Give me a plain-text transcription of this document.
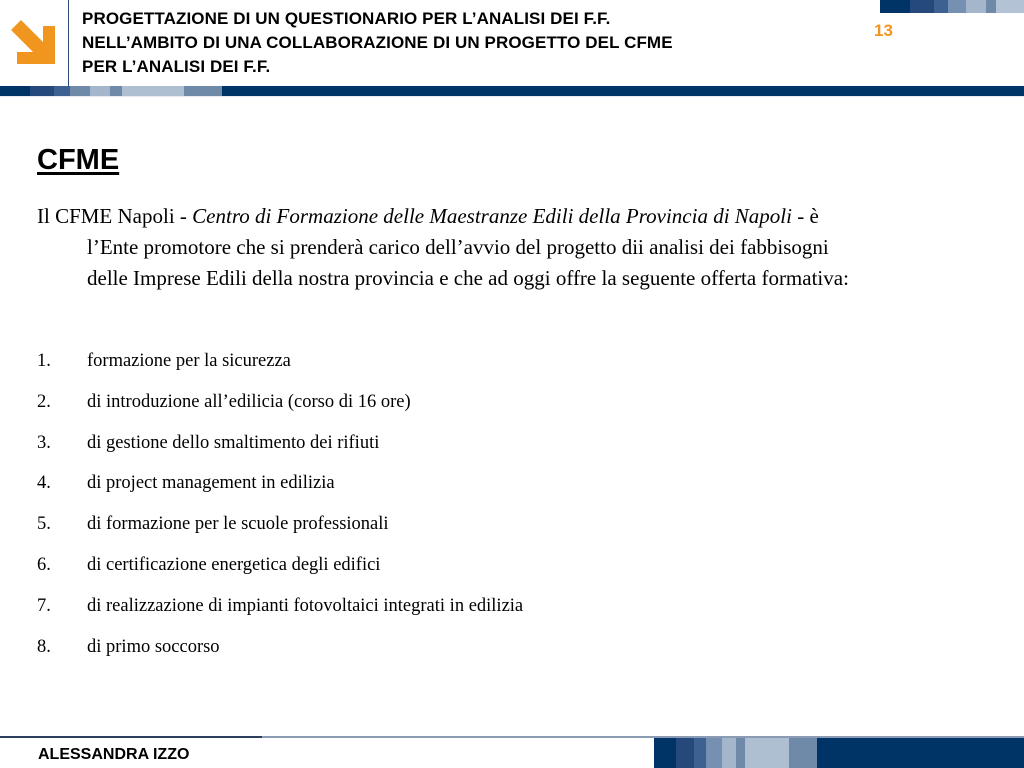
PROGETTAZIONE DI UN QUESTIONARIO PER L’ANALISI DEI F.F.
NELL’AMBITO DI UNA COLLABORAZIONE DI UN PROGETTO DEL CFME
PER L’ANALISI DEI F.F.
13
CFME
Il CFME Napoli - Centro di Formazione delle Maestranze Edili della Provincia di Napoli - è
l’Ente promotore che si prenderà carico dell’avvio del progetto dii analisi dei fabbisogni
delle Imprese Edili della nostra provincia e che ad oggi offre la seguente offerta formativa:
1.	formazione per la sicurezza
2.	di introduzione all’edilicia (corso di 16 ore)
3.	di gestione dello smaltimento dei rifiuti
4.	di project management in edilizia
5.	di formazione per le scuole professionali
6.	di certificazione energetica degli edifici
7.	di realizzazione di impianti fotovoltaici integrati in edilizia
8.	di primo soccorso
ALESSANDRA IZZO
